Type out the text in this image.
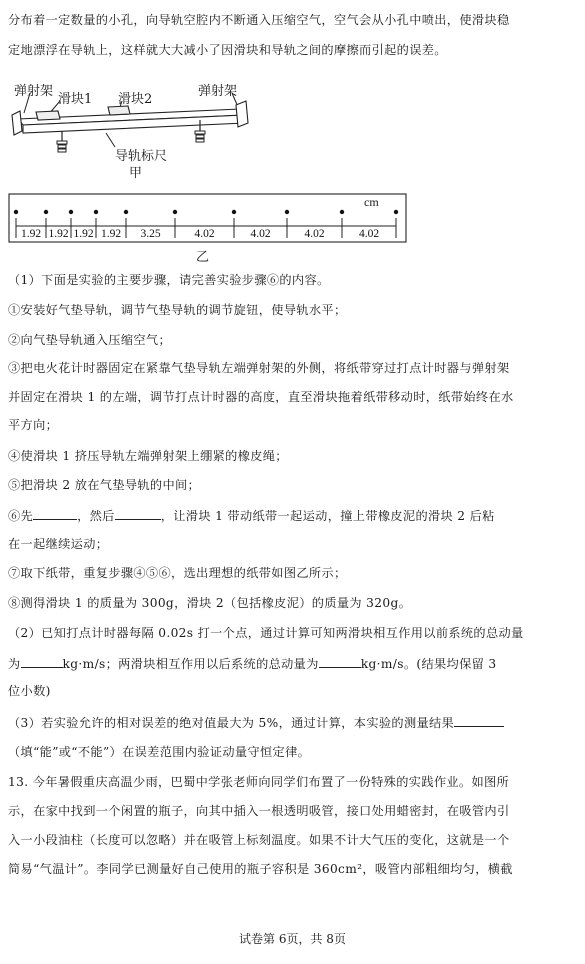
分布着一定数量的小孔，向导轨空腔内不断通入压缩空气，空气会从小孔中喷出，使滑块稳
定地漂浮在导轨上，这样就大大减小了因滑块和导轨之间的摩擦而引起的误差。
弹射架
滑块1 滑块2
弹射架
导轨标尺
甲
1.92 1.92 1.92 1.92 3.25	4.02	4.02	4.02	4.02
cm
乙
（1）下面是实验的主要步骤，请完善实验步骤⑥的内容。
①安装好气垫导轨，调节气垫导轨的调节旋钮，使导轨水平；
②向气垫导轨通入压缩空气；
③把电火花计时器固定在紧靠气垫导轨左端弹射架的外侧，将纸带穿过打点计时器与弹射架
并固定在滑块 1 的左端，调节打点计时器的高度，直至滑块拖着纸带移动时，纸带始终在水
平方向；
④使滑块 1 挤压导轨左端弹射架上绷紧的橡皮绳；
⑤把滑块 2 放在气垫导轨的中间；
⑥先	，然后	，让滑块 1 带动纸带一起运动，撞上带橡皮泥的滑块 2 后粘
在一起继续运动；
⑦取下纸带，重复步骤④⑤⑥，选出理想的纸带如图乙所示；
⑧测得滑块 1 的质量为 300g，滑块 2（包括橡皮泥）的质量为 320g。
（2）已知打点计时器每隔 0.02s 打一个点，通过计算可知两滑块相互作用以前系统的总动量
为	kg·m/s；两滑块相互作用以后系统的总动量为	kg·m/s。(结果均保留 3
位小数)
（3）若实验允许的相对误差的绝对值最大为 5%，通过计算，本实验的测量结果
（填“能”或“不能”）在误差范围内验证动量守恒定律。
13. 今年暑假重庆高温少雨，巴蜀中学张老师向同学们布置了一份特殊的实践作业。如图所
示，在家中找到一个闲置的瓶子，向其中插入一根透明吸管，接口处用蜡密封，在吸管内引
入一小段油柱（长度可以忽略）并在吸管上标刻温度。如果不计大气压的变化，这就是一个
简易“气温计”。李同学已测量好自己使用的瓶子容积是 360cm²，吸管内部粗细均匀，横截
试卷第 6页，共 8页
